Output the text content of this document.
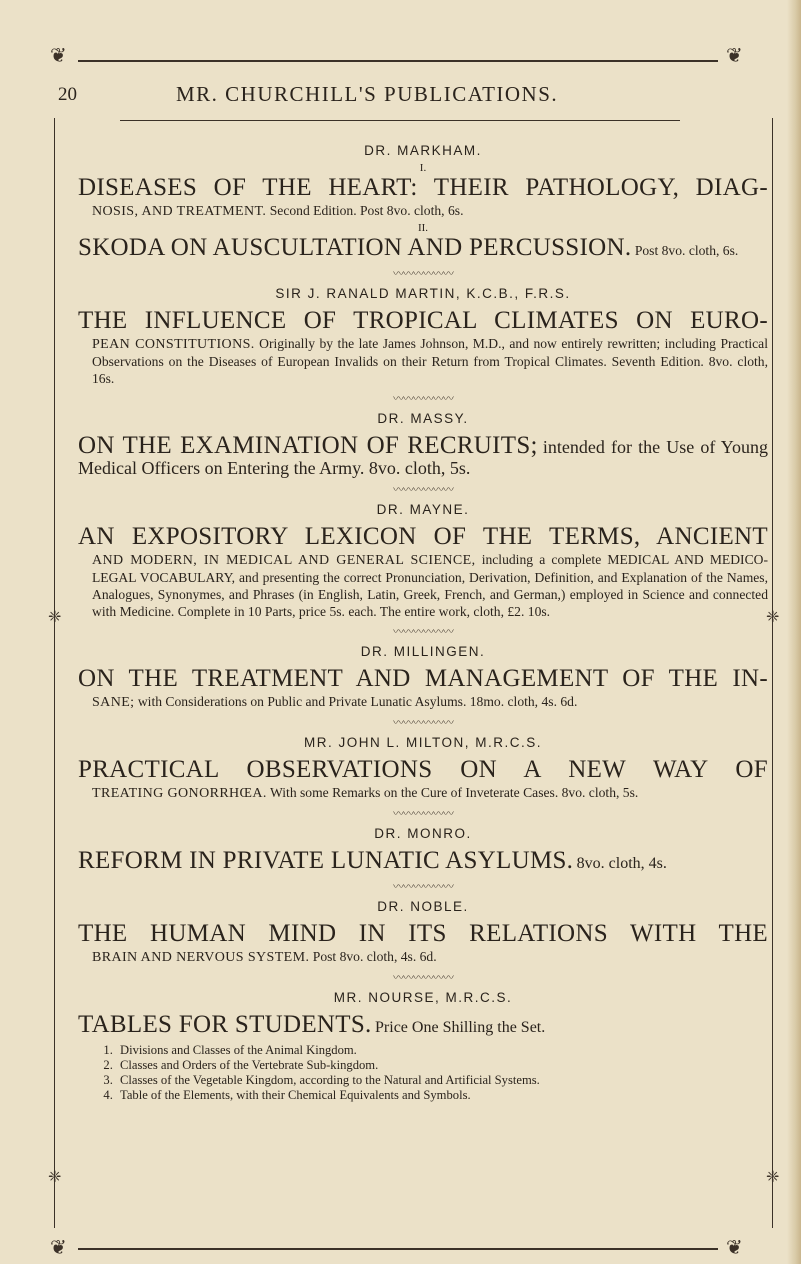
❦	❦
❦	❦
❈	❈
❈	❈
20	MR. CHURCHILL'S PUBLICATIONS.

DR. MARKHAM.

I.

DISEASES OF THE HEART: THEIR PATHOLOGY, DIAG-
NOSIS, AND TREATMENT. Second Edition. Post 8vo. cloth, 6s.

II.

SKODA ON AUSCULTATION AND PERCUSSION. Post 8vo. cloth, 6s.

〰〰〰〰〰〰

SIR J. RANALD MARTIN, K.C.B., F.R.S.

THE INFLUENCE OF TROPICAL CLIMATES ON EURO-
PEAN CONSTITUTIONS. Originally by the late James Johnson, M.D., and now entirely rewritten; including Practical Observations on the Diseases of European Invalids on their Return from Tropical Climates. Seventh Edition. 8vo. cloth, 16s.

〰〰〰〰〰〰

DR. MASSY.

ON THE EXAMINATION OF RECRUITS; intended for the Use of Young Medical Officers on Entering the Army. 8vo. cloth, 5s.

〰〰〰〰〰〰

DR. MAYNE.

AN EXPOSITORY LEXICON OF THE TERMS, ANCIENT
AND MODERN, IN MEDICAL AND GENERAL SCIENCE, including a complete MEDICAL AND MEDICO-LEGAL VOCABULARY, and presenting the correct Pronunciation, Derivation, Definition, and Explanation of the Names, Analogues, Synonymes, and Phrases (in English, Latin, Greek, French, and German,) employed in Science and connected with Medicine. Complete in 10 Parts, price 5s. each. The entire work, cloth, £2. 10s.

〰〰〰〰〰〰

DR. MILLINGEN.

ON THE TREATMENT AND MANAGEMENT OF THE IN-
SANE; with Considerations on Public and Private Lunatic Asylums. 18mo. cloth, 4s. 6d.

〰〰〰〰〰〰

MR. JOHN L. MILTON, M.R.C.S.

PRACTICAL OBSERVATIONS ON A NEW WAY OF
TREATING GONORRHŒA. With some Remarks on the Cure of Inveterate Cases. 8vo. cloth, 5s.

〰〰〰〰〰〰

DR. MONRO.

REFORM IN PRIVATE LUNATIC ASYLUMS. 8vo. cloth, 4s.

〰〰〰〰〰〰

DR. NOBLE.

THE HUMAN MIND IN ITS RELATIONS WITH THE
BRAIN AND NERVOUS SYSTEM. Post 8vo. cloth, 4s. 6d.

〰〰〰〰〰〰

MR. NOURSE, M.R.C.S.

TABLES FOR STUDENTS. Price One Shilling the Set.

1. Divisions and Classes of the Animal Kingdom.
2. Classes and Orders of the Vertebrate Sub-kingdom.
3. Classes of the Vegetable Kingdom, according to the Natural and Artificial Systems.
4. Table of the Elements, with their Chemical Equivalents and Symbols.
